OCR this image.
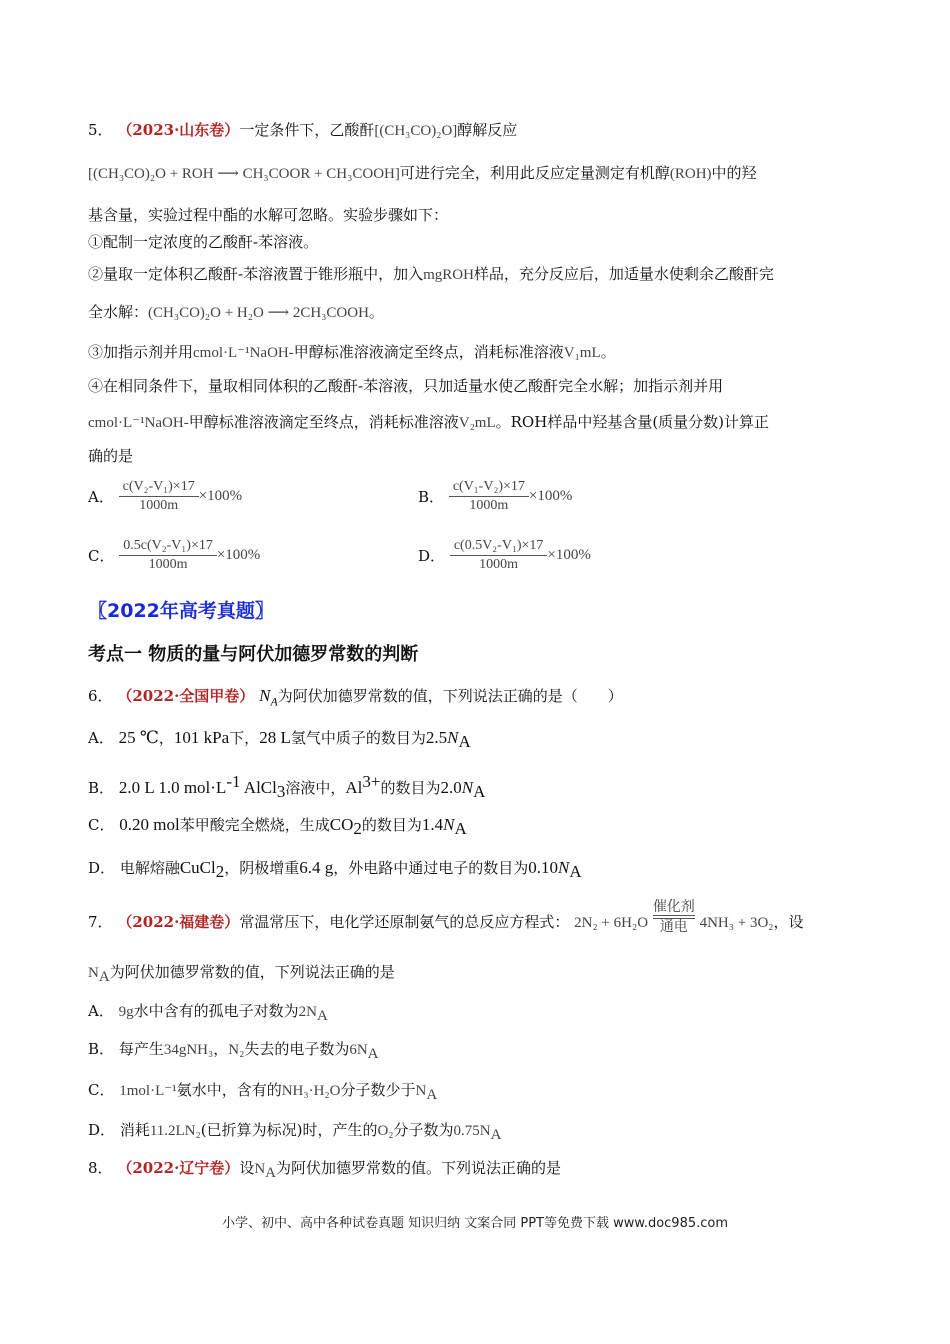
5． （2023·山东卷）一定条件下，乙酸酐[(CH₃CO)₂O]醇解反应
[(CH₃CO)₂O + ROH ⟶ CH₃COOR + CH₃COOH]可进行完全，利用此反应定量测定有机醇(ROH)中的羟
基含量，实验过程中酯的水解可忽略。实验步骤如下：
①配制一定浓度的乙酸酐-苯溶液。
②量取一定体积乙酸酐-苯溶液置于锥形瓶中，加入mgROH样品，充分反应后，加适量水使剩余乙酸酐完
全水解：(CH₃CO)₂O + H₂O ⟶ 2CH₃COOH。
③加指示剂并用cmol·L⁻¹NaOH-甲醇标准溶液滴定至终点，消耗标准溶液V₁mL。
④在相同条件下，量取相同体积的乙酸酐-苯溶液，只加适量水使乙酸酐完全水解；加指示剂并用
cmol·L⁻¹NaOH-甲醇标准溶液滴定至终点，消耗标准溶液V₂mL。ROH样品中羟基含量(质量分数)计算正
确的是
A． $\frac{\text{c(V₂-V₁)×17}}{1000m} \times 100\%$	B． $\frac{\text{c(V₁-V₂)×17}}{1000m} \times 100\%$
C． $\frac{\text{0.5c(V₂-V₁)×17}}{1000m} \times 100\%$	D． $\frac{\text{c(0.5V₂-V₁)×17}}{1000m} \times 100\%$
〖2022年高考真题〗
考点一 物质的量与阿伏加德罗常数的判断
6． （2022·全国甲卷） $N_A$为阿伏加德罗常数的值，下列说法正确的是（　　）
A． 25 ℃，101 kPa下，28 L氢气中质子的数目为$2.5N_A$
B． 2.0 L 1.0 $mol\cdot L^{-1}$ AlCl$_3$溶液中，$Al^{3+}$的数目为$2.0N_A$
C． 0.20 mol苯甲酸完全燃烧，生成$CO_2$的数目为$1.4N_A$
D． 电解熔融CuCl$_2$，阴极增重6.4 g，外电路中通过电子的数目为$0.10N_A$
7． （2022·福建卷）常温常压下，电化学还原制氨气的总反应方程式： 2N₂ + 6H₂O
催化剂
通电 4NH₃ + 3O₂，设
$N_A$为阿伏加德罗常数的值，下列说法正确的是
A． 9g水中含有的孤电子对数为$2N_A$
B． 每产生34gNH₃，N₂失去的电子数为$6N_A$
C． 1mol·L⁻¹氨水中，含有的NH₃·H₂O分子数少于$N_A$
D． 消耗11.2LN₂(已折算为标况)时，产生的O₂分子数为$0.75N_A$
8． （2022·辽宁卷）设$N_A$为阿伏加德罗常数的值。下列说法正确的是
小学、初中、高中各种试卷真题 知识归纳 文案合同 PPT等免费下载 www.doc985.com
